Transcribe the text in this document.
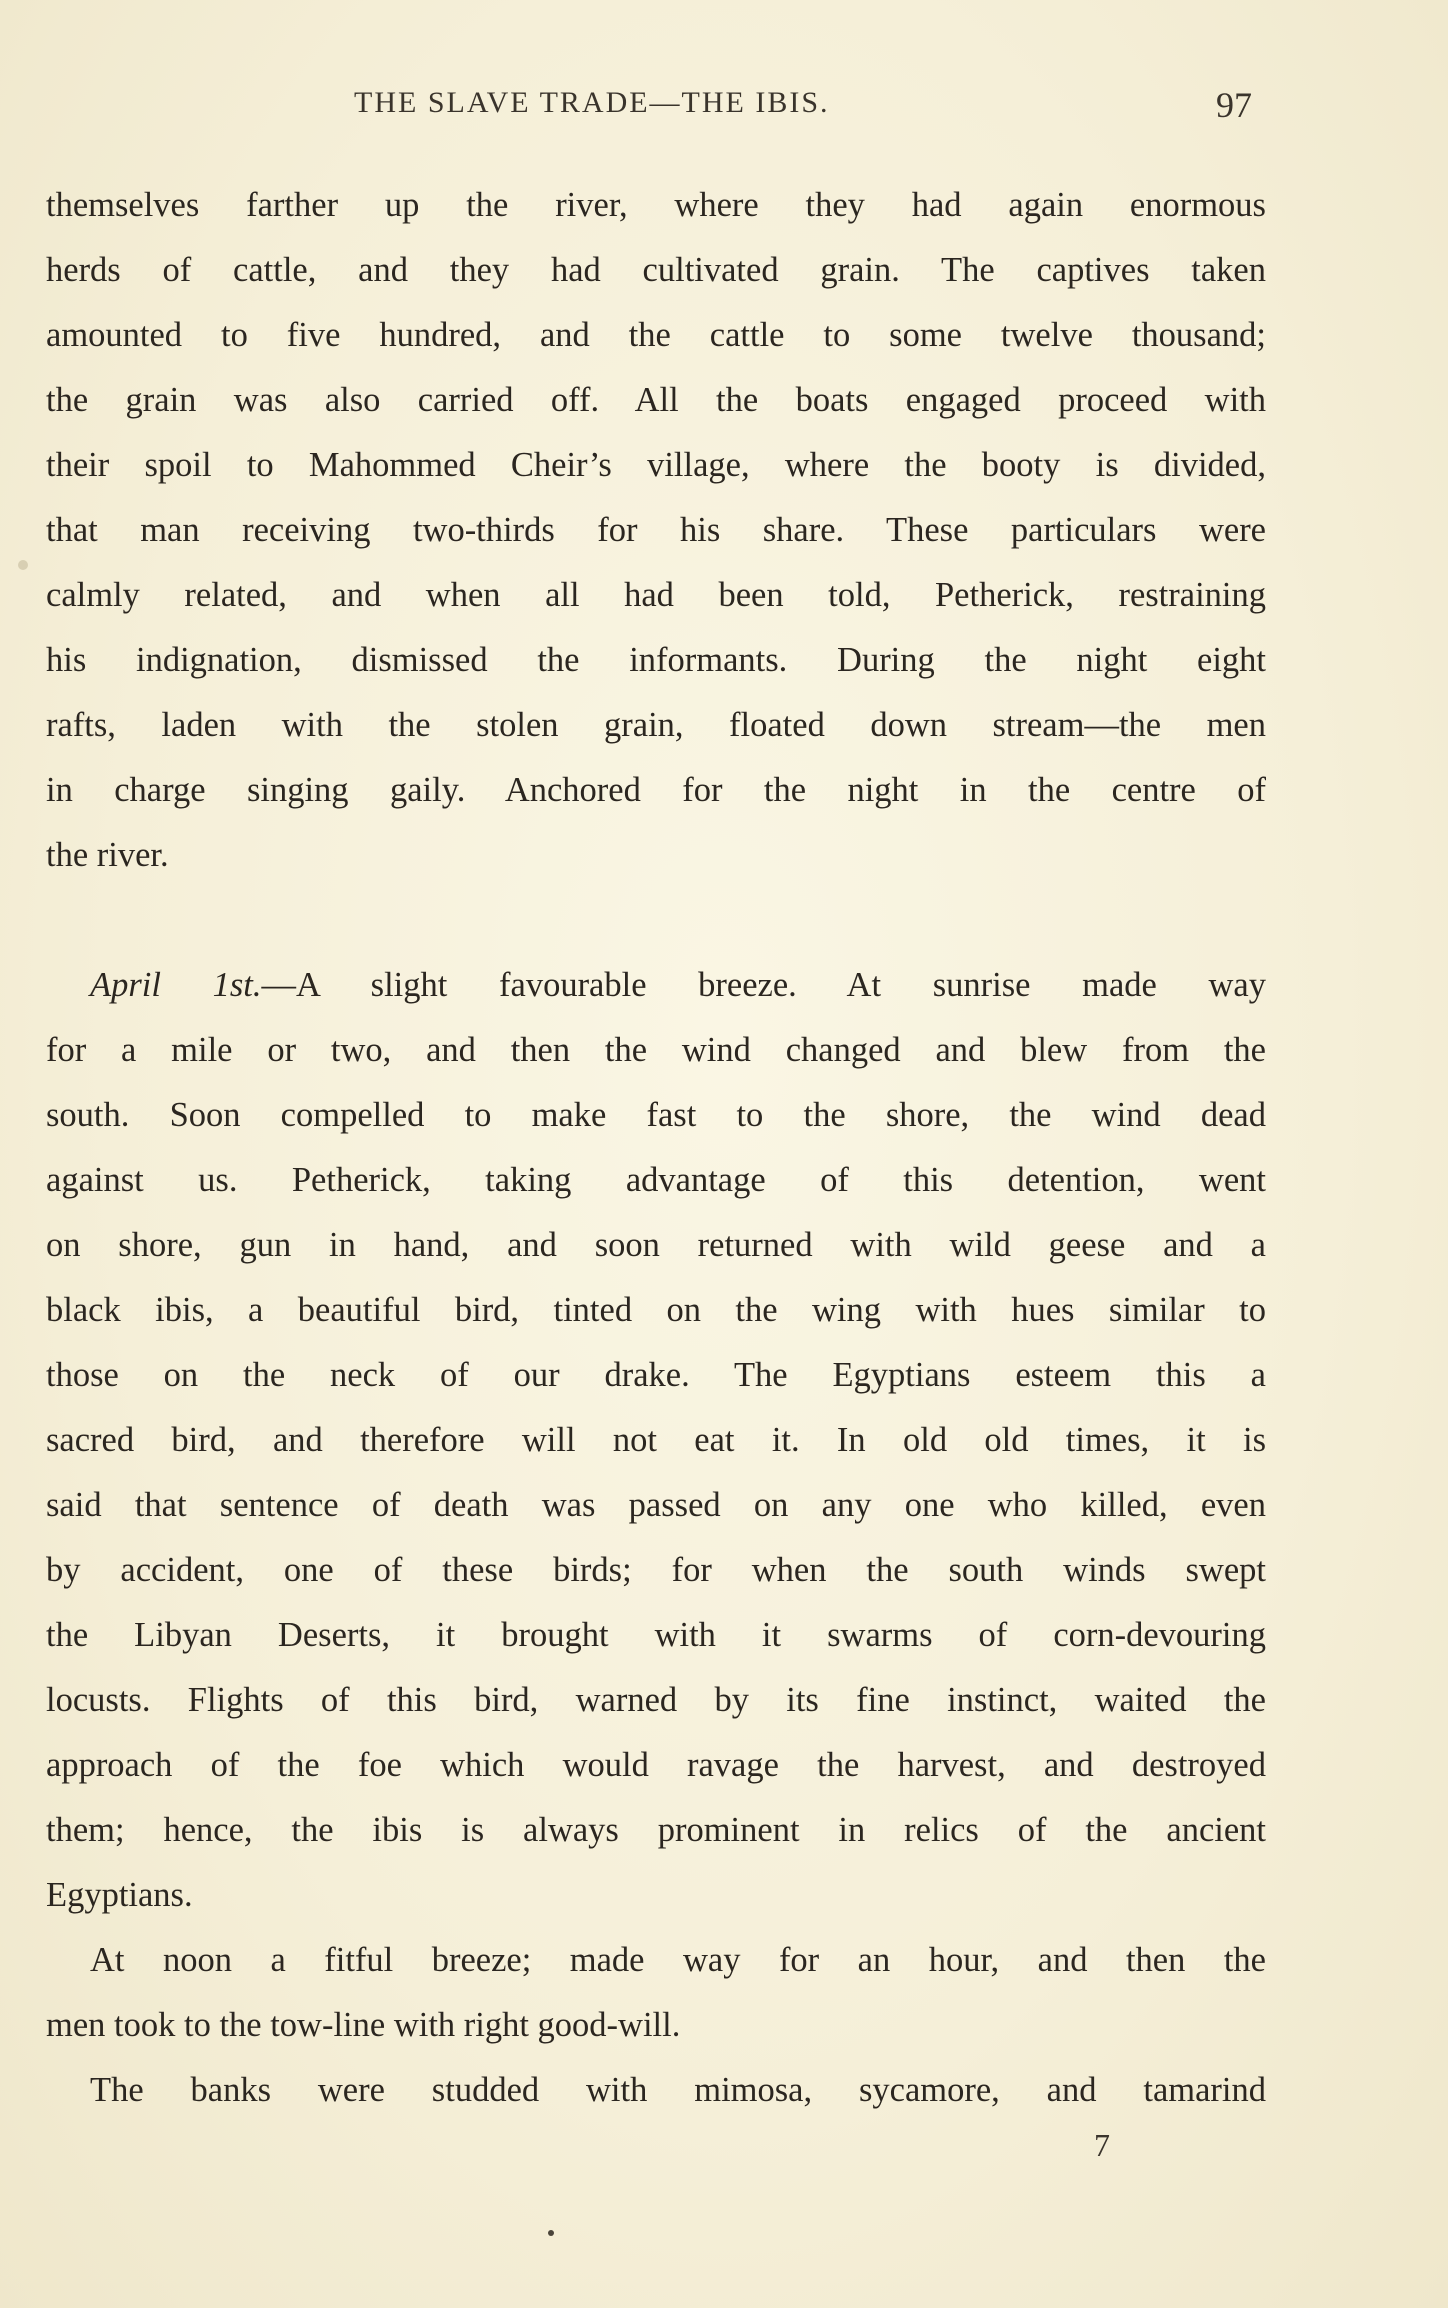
THE SLAVE TRADE—THE IBIS.	97
themselves farther up the river, where they had again enormous
herds of cattle, and they had cultivated grain. The captives taken
amounted to five hundred, and the cattle to some twelve thousand;
the grain was also carried off. All the boats engaged proceed with
their spoil to Mahommed Cheir’s village, where the booty is divided,
that man receiving two-thirds for his share. These particulars were
calmly related, and when all had been told, Petherick, restraining
his indignation, dismissed the informants. During the night eight
rafts, laden with the stolen grain, floated down stream—the men
in charge singing gaily. Anchored for the night in the centre of
the river.
April 1st.—A slight favourable breeze. At sunrise made way
for a mile or two, and then the wind changed and blew from the
south. Soon compelled to make fast to the shore, the wind dead
against us. Petherick, taking advantage of this detention, went
on shore, gun in hand, and soon returned with wild geese and a
black ibis, a beautiful bird, tinted on the wing with hues similar to
those on the neck of our drake. The Egyptians esteem this a
sacred bird, and therefore will not eat it. In old old times, it is
said that sentence of death was passed on any one who killed, even
by accident, one of these birds; for when the south winds swept
the Libyan Deserts, it brought with it swarms of corn-devouring
locusts. Flights of this bird, warned by its fine instinct, waited the
approach of the foe which would ravage the harvest, and destroyed
them; hence, the ibis is always prominent in relics of the ancient
Egyptians.
At noon a fitful breeze; made way for an hour, and then the
men took to the tow-line with right good-will.
The banks were studded with mimosa, sycamore, and tamarind
7
